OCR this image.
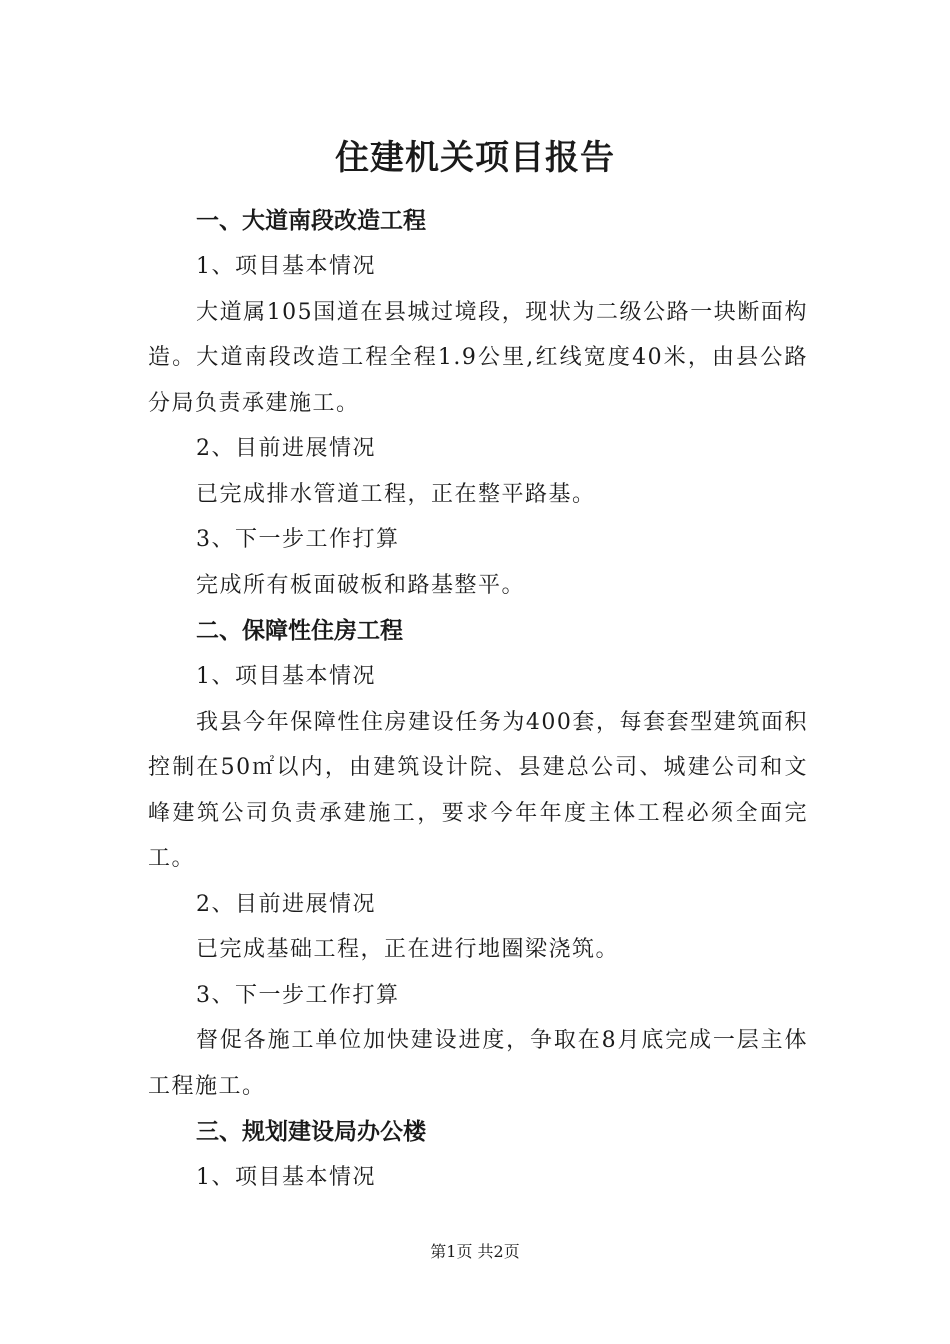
住建机关项目报告
一、大道南段改造工程
1、项目基本情况
大道属105国道在县城过境段，现状为二级公路一块断面构造。大道南段改造工程全程1.9公里,红线宽度40米，由县公路分局负责承建施工。
2、目前进展情况
已完成排水管道工程，正在整平路基。
3、下一步工作打算
完成所有板面破板和路基整平。
二、保障性住房工程
1、项目基本情况
我县今年保障性住房建设任务为400套，每套套型建筑面积控制在50㎡以内，由建筑设计院、县建总公司、城建公司和文峰建筑公司负责承建施工，要求今年年度主体工程必须全面完工。
2、目前进展情况
已完成基础工程，正在进行地圈梁浇筑。
3、下一步工作打算
督促各施工单位加快建设进度，争取在8月底完成一层主体工程施工。
三、规划建设局办公楼
1、项目基本情况
第1页 共2页
